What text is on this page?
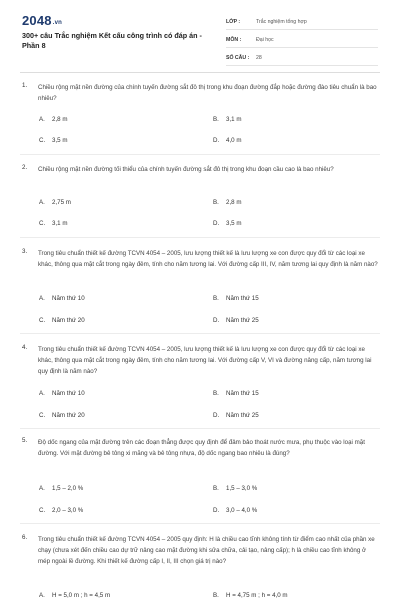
2048.vn
300+ câu Trắc nghiệm Kết cấu công trình có đáp án - Phần 8
LỚP :	Trắc nghiệm tổng hợp
MÔN :	Đại học
SỐ CÂU :	28
1. Chiều rộng mặt nền đường của chính tuyến đường sắt đô thị trong khu đoạn đường đắp hoặc đường đào tiêu chuẩn là bao nhiêu?
A.	2,8 m	B.	3,1 m
C.	3,5 m	D.	4,0 m
2. Chiều rộng mặt nền đường tối thiểu của chính tuyến đường sắt đô thị trong khu đoạn cầu cao là bao nhiêu?
A.	2,75 m	B.	2,8 m
C.	3,1 m	D.	3,5 m
3. Trong tiêu chuẩn thiết kế đường TCVN 4054 – 2005, lưu lượng thiết kế là lưu lượng xe con được quy đổi từ các loại xe khác, thông qua mặt cắt trong ngày đêm, tính cho năm tương lai. Với đường cấp III, IV, năm tương lai quy định là năm nào?
A.	Năm thứ 10	B.	Năm thứ 15
C.	Năm thứ 20	D.	Năm thứ 25
4. Trong tiêu chuẩn thiết kế đường TCVN 4054 – 2005, lưu lượng thiết kế là lưu lượng xe con được quy đổi từ các loại xe khác, thông qua mặt cắt trong ngày đêm, tính cho năm tương lai. Với đường cấp V, VI và đường nâng cấp, năm tương lai quy định là năm nào?
A.	Năm thứ 10	B.	Năm thứ 15
C.	Năm thứ 20	D.	Năm thứ 25
5. Độ dốc ngang của mặt đường trên các đoạn thẳng được quy định để đảm bảo thoát nước mưa, phụ thuộc vào loại mặt đường. Với mặt đường bê tông xi măng và bê tông nhựa, độ dốc ngang bao nhiêu là đúng?
A.	1,5 – 2,0 %	B.	1,5 – 3,0 %
C.	2,0 – 3,0 %	D.	3,0 – 4,0 %
6. Trong tiêu chuẩn thiết kế đường TCVN 4054 – 2005 quy định: H là chiều cao tĩnh không tính từ điểm cao nhất của phần xe chạy (chưa xét đến chiều cao dự trữ nâng cao mặt đường khi sửa chữa, cải tạo, nâng cấp); h là chiều cao tĩnh không ở mép ngoài lề đường. Khi thiết kế đường cấp I, II, III chọn giá trị nào?
A.	H = 5,0 m ; h = 4,5 m	B.	H = 4,75 m ; h = 4,0 m
